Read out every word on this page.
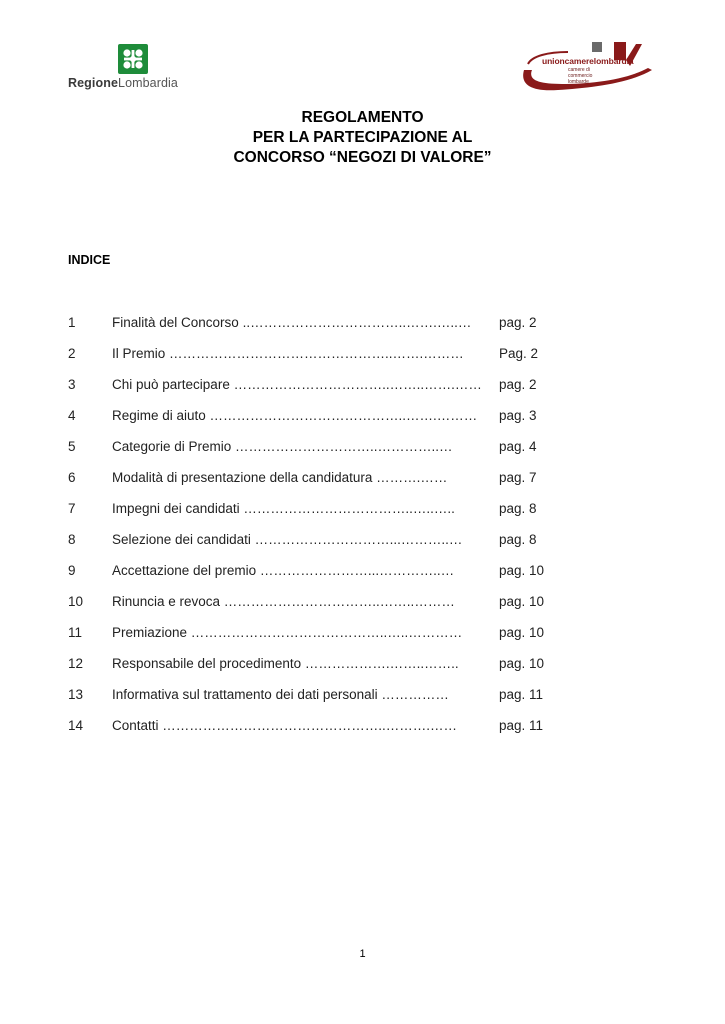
RegioneLombardia
unioncamerelombardia
camere di commercio lombarde
REGOLAMENTO
PER LA PARTECIPAZIONE AL
CONCORSO “NEGOZI DI VALORE”
INDICE
1	Finalità del Concorso ..……………………………..…….…..… pag. 2
2	Il Premio …………………………………………..…….………	Pag. 2
3	Chi può partecipare ……………………………..……..…….…… pag. 2
4	Regime di aiuto ……………………………………..…….……… pag. 3
5	Categorie di Premio …………………………..…………..…	pag. 4
6	Modalità di presentazione della candidatura ……….……	pag. 7
7	Impegni dei candidati ………………………………..…..…..	pag. 8
8	Selezione dei candidati …………………………...………..…	pag. 8
9	Accettazione del premio ……………………...…………..…	pag. 10
10 Rinuncia e revoca ……………………………..……..………	pag. 10
11 Premiazione ……………………………………..…..…………	pag. 10
12 Responsabile del procedimento ……………….……..……..	pag. 10
13 Informativa sul trattamento dei dati personali ……………	pag. 11
14 Contatti …………………………………………..……….……	pag. 11
1
